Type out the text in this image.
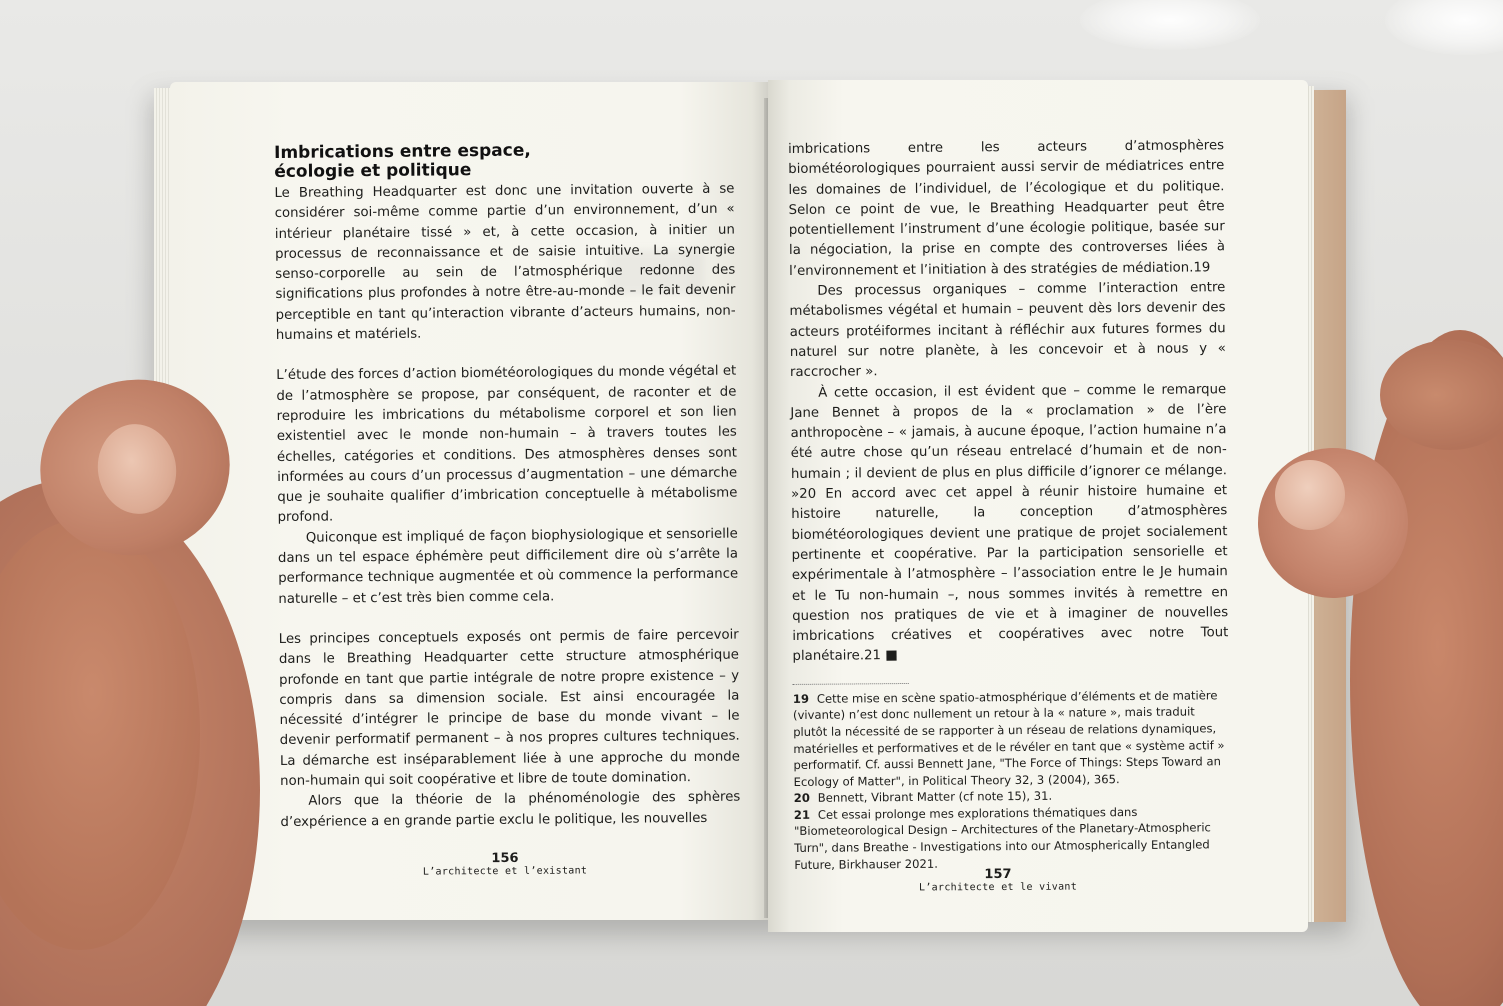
Imbrications entre espace,
écologie et politique

Le Breathing Headquarter est donc une invitation ouverte à se considérer soi-même comme partie d’un environnement, d’un « intérieur planétaire tissé » et, à cette occasion, à initier un processus de reconnaissance et de saisie intuitive. La synergie senso-corporelle au sein de l’atmosphérique redonne des significations plus profondes à notre être-au-monde – le fait devenir perceptible en tant qu’interaction vibrante d’acteurs humains, non-humains et matériels.

L’étude des forces d’action biométéorologiques du monde végétal et de l’atmosphère se propose, par conséquent, de raconter et de reproduire les imbrications du métabolisme corporel et son lien existentiel avec le monde non-humain – à travers toutes les échelles, catégories et conditions. Des atmosphères denses sont informées au cours d’un processus d’augmentation – une démarche que je souhaite qualifier d’imbrication conceptuelle à métabolisme profond.

Quiconque est impliqué de façon biophysiologique et sensorielle dans un tel espace éphémère peut difficilement dire où s’arrête la performance technique augmentée et où commence la performance naturelle – et c’est très bien comme cela.

Les principes conceptuels exposés ont permis de faire percevoir dans le Breathing Headquarter cette structure atmosphérique profonde en tant que partie intégrale de notre propre existence – y compris dans sa dimension sociale. Est ainsi encouragée la nécessité d’intégrer le principe de base du monde vivant – le devenir performatif permanent – à nos propres cultures techniques. La démarche est inséparablement liée à une approche du monde non-humain qui soit coopérative et libre de toute domination.

Alors que la théorie de la phénoménologie des sphères d’expérience a en grande partie exclu le politique, les nouvelles

156
L’architecte et l’existant

imbrications entre les acteurs d’atmosphères biométéorologiques pourraient aussi servir de médiatrices entre les domaines de l’individuel, de l’écologique et du politique. Selon ce point de vue, le Breathing Headquarter peut être potentiellement l’instrument d’une écologie politique, basée sur la négociation, la prise en compte des controverses liées à l’environnement et l’initiation à des stratégies de médiation.19

Des processus organiques – comme l’interaction entre métabolismes végétal et humain – peuvent dès lors devenir des acteurs protéiformes incitant à réfléchir aux futures formes du naturel sur notre planète, à les concevoir et à nous y « raccrocher ».

À cette occasion, il est évident que – comme le remarque Jane Bennet à propos de la « proclamation » de l’ère anthropocène – « jamais, à aucune époque, l’action humaine n’a été autre chose qu’un réseau entrelacé d’humain et de non-humain ; il devient de plus en plus difficile d’ignorer ce mélange. »20 En accord avec cet appel à réunir histoire humaine et histoire naturelle, la conception d’atmosphères biométéorologiques devient une pratique de projet socialement pertinente et coopérative. Par la participation sensorielle et expérimentale à l’atmosphère – l’association entre le Je humain et le Tu non-humain –, nous sommes invités à remettre en question nos pratiques de vie et à imaginer de nouvelles imbrications créatives et coopératives avec notre Tout planétaire.21 ■

19 Cette mise en scène spatio-atmosphérique d’éléments et de matière (vivante) n’est donc nullement un retour à la « nature », mais traduit plutôt la nécessité de se rapporter à un réseau de relations dynamiques, matérielles et performatives et de le révéler en tant que « système actif » performatif. Cf. aussi Bennett Jane, "The Force of Things: Steps Toward an Ecology of Matter", in Political Theory 32, 3 (2004), 365.

20 Bennett, Vibrant Matter (cf note 15), 31.

21 Cet essai prolonge mes explorations thématiques dans "Biometeorological Design – Architectures of the Planetary-Atmospheric Turn", dans Breathe - Investigations into our Atmospherically Entangled Future, Birkhauser 2021.

157
L’architecte et le vivant
